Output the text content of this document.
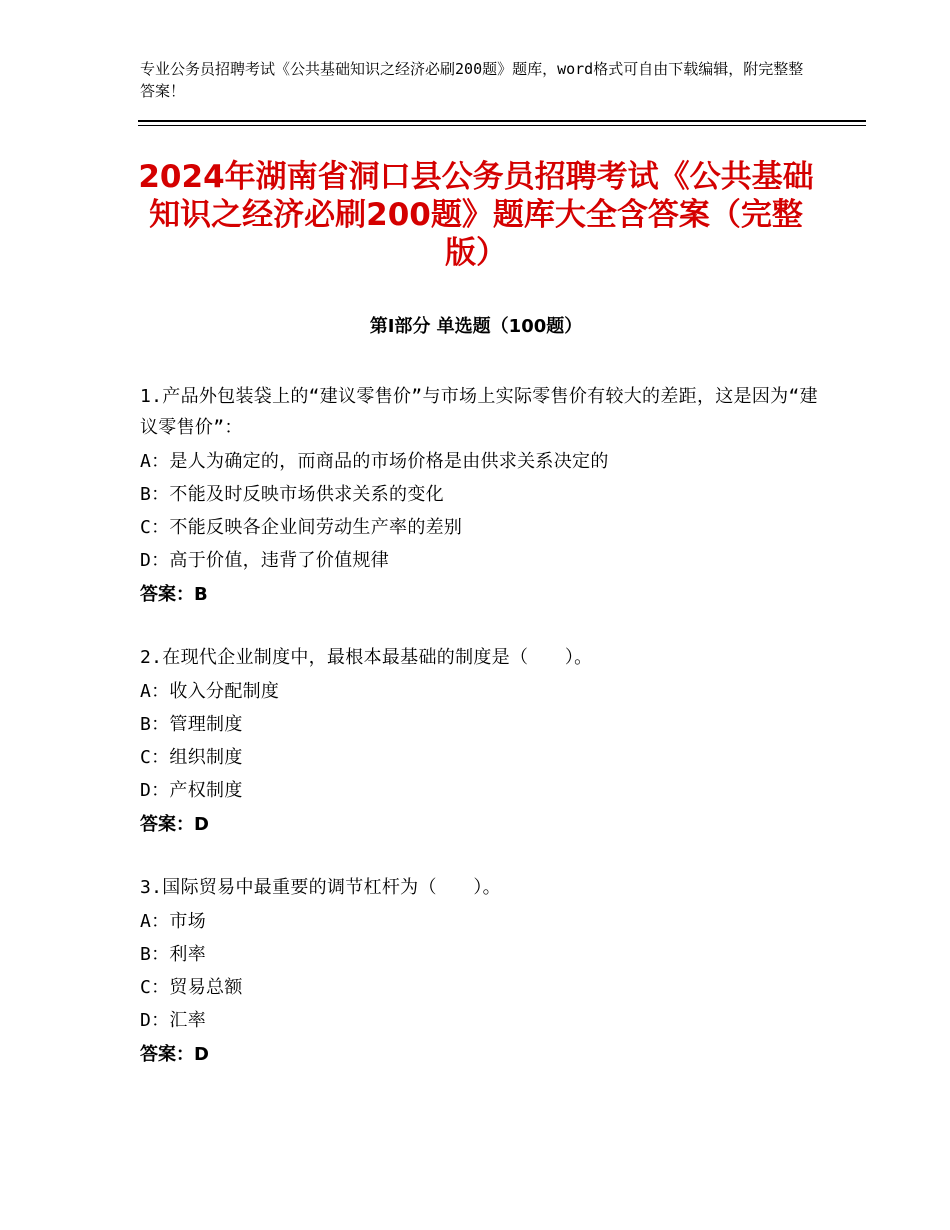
专业公务员招聘考试《公共基础知识之经济必刷200题》题库，word格式可自由下载编辑，附完整整答案！
2024年湖南省洞口县公务员招聘考试《公共基础知识之经济必刷200题》题库大全含答案（完整版）
第Ⅰ部分 单选题（100题）

1.产品外包装袋上的“建议零售价”与市场上实际零售价有较大的差距，这是因为“建议零售价”：

A：是人为确定的，而商品的市场价格是由供求关系决定的

B：不能及时反映市场供求关系的变化

C：不能反映各企业间劳动生产率的差别

D：高于价值，违背了价值规律

答案：B

2.在现代企业制度中，最根本最基础的制度是（　　）。

A：收入分配制度

B：管理制度

C：组织制度

D：产权制度

答案：D

3.国际贸易中最重要的调节杠杆为（　　）。

A：市场

B：利率

C：贸易总额

D：汇率

答案：D
